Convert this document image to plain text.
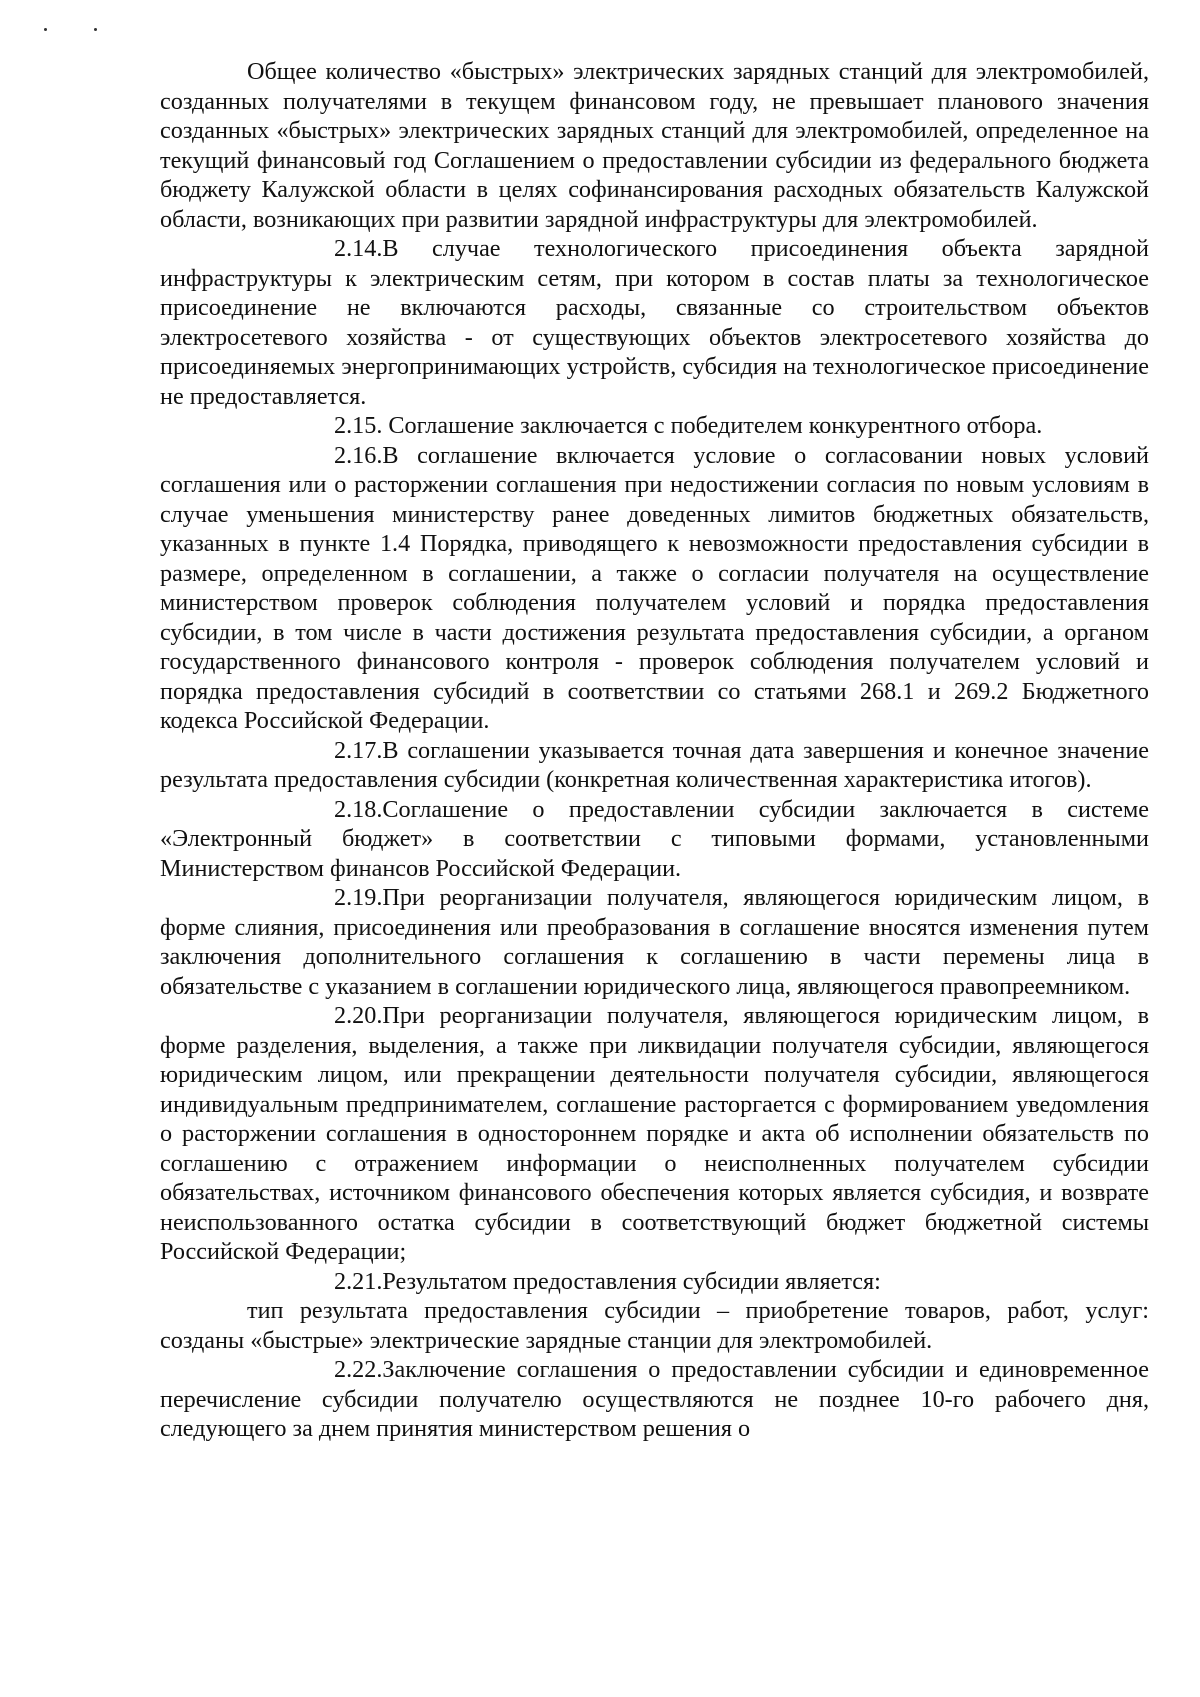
Общее количество «быстрых» электрических зарядных станций для электромобилей, созданных получателями в текущем финансовом году, не превышает планового значения созданных «быстрых» электрических зарядных станций для электромобилей, определенное на текущий финансовый год Соглашением о предоставлении субсидии из федерального бюджета бюджету Калужской области в целях софинансирования расходных обязательств Калужской области, возникающих при развитии зарядной инфраструктуры для электромобилей.

2.14.В случае технологического присоединения объекта зарядной инфраструктуры к электрическим сетям, при котором в состав платы за технологическое присоединение не включаются расходы, связанные со строительством объектов электросетевого хозяйства - от существующих объектов электросетевого хозяйства до присоединяемых энергопринимающих устройств, субсидия на технологическое присоединение не предоставляется.

2.15. Соглашение заключается с победителем конкурентного отбора.

2.16.В соглашение включается условие о согласовании новых условий соглашения или о расторжении соглашения при недостижении согласия по новым условиям в случае уменьшения министерству ранее доведенных лимитов бюджетных обязательств, указанных в пункте 1.4 Порядка, приводящего к невозможности предоставления субсидии в размере, определенном в соглашении, а также о согласии получателя на осуществление министерством проверок соблюдения получателем условий и порядка предоставления субсидии, в том числе в части достижения результата предоставления субсидии, а органом государственного финансового контроля - проверок соблюдения получателем условий и порядка предоставления субсидий в соответствии со статьями 268.1 и 269.2 Бюджетного кодекса Российской Федерации.

2.17.В соглашении указывается точная дата завершения и конечное значение результата предоставления субсидии (конкретная количественная характеристика итогов).

2.18.Соглашение о предоставлении субсидии заключается в системе «Электронный бюджет» в соответствии с типовыми формами, установленными Министерством финансов Российской Федерации.

2.19.При реорганизации получателя, являющегося юридическим лицом, в форме слияния, присоединения или преобразования в соглашение вносятся изменения путем заключения дополнительного соглашения к соглашению в части перемены лица в обязательстве с указанием в соглашении юридического лица, являющегося правопреемником.

2.20.При реорганизации получателя, являющегося юридическим лицом, в форме разделения, выделения, а также при ликвидации получателя субсидии, являющегося юридическим лицом, или прекращении деятельности получателя субсидии, являющегося индивидуальным предпринимателем, соглашение расторгается с формированием уведомления о расторжении соглашения в одностороннем порядке и акта об исполнении обязательств по соглашению с отражением информации о неисполненных получателем субсидии обязательствах, источником финансового обеспечения которых является субсидия, и возврате неиспользованного остатка субсидии в соответствующий бюджет бюджетной системы Российской Федерации;

2.21.Результатом предоставления субсидии является:

тип результата предоставления субсидии – приобретение товаров, работ, услуг: созданы «быстрые» электрические зарядные станции для электромобилей.

2.22.Заключение соглашения о предоставлении субсидии и единовременное перечисление субсидии получателю осуществляются не позднее 10-го рабочего дня, следующего за днем принятия министерством решения о
